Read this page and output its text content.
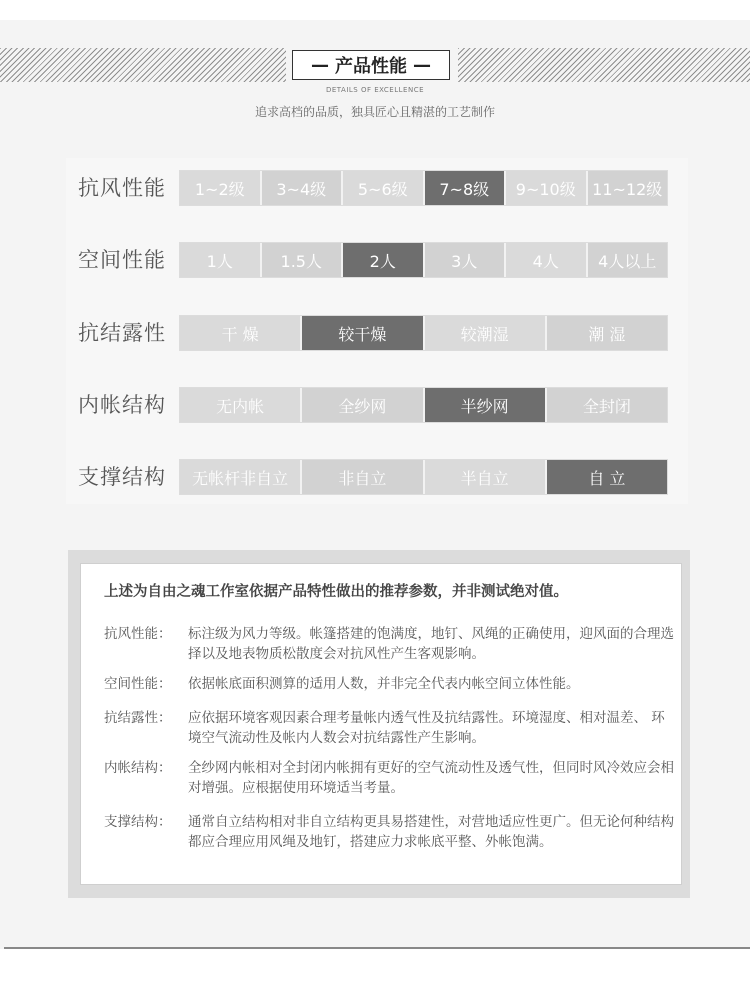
— 产品性能 —
DETAILS OF EXCELLENCE
追求高档的品质，独具匠心且精湛的工艺制作
抗风性能	1~2级	3~4级	5~6级	7~8级	9~10级	11~12级
空间性能	1人	1.5人	2人	3人	4人	4人以上
抗结露性	干 燥	较干燥	较潮湿	潮 湿
内帐结构	无内帐	全纱网	半纱网	全封闭
支撑结构	无帐杆非自立	非自立	半自立	自 立
上述为自由之魂工作室依据产品特性做出的推荐参数，并非测试绝对值。
抗风性能：	标注级为风力等级。帐篷搭建的饱满度，地钉、风绳的正确使用，迎风面的合理选择以及地表物质松散度会对抗风性产生客观影响。
空间性能：	依据帐底面积测算的适用人数，并非完全代表内帐空间立体性能。
抗结露性：	应依据环境客观因素合理考量帐内透气性及抗结露性。环境湿度、相对温差、 环境空气流动性及帐内人数会对抗结露性产生影响。
内帐结构：	全纱网内帐相对全封闭内帐拥有更好的空气流动性及透气性，但同时风冷效应会相对增强。应根据使用环境适当考量。
支撑结构：	通常自立结构相对非自立结构更具易搭建性，对营地适应性更广。但无论何种结构都应合理应用风绳及地钉，搭建应力求帐底平整、外帐饱满。
